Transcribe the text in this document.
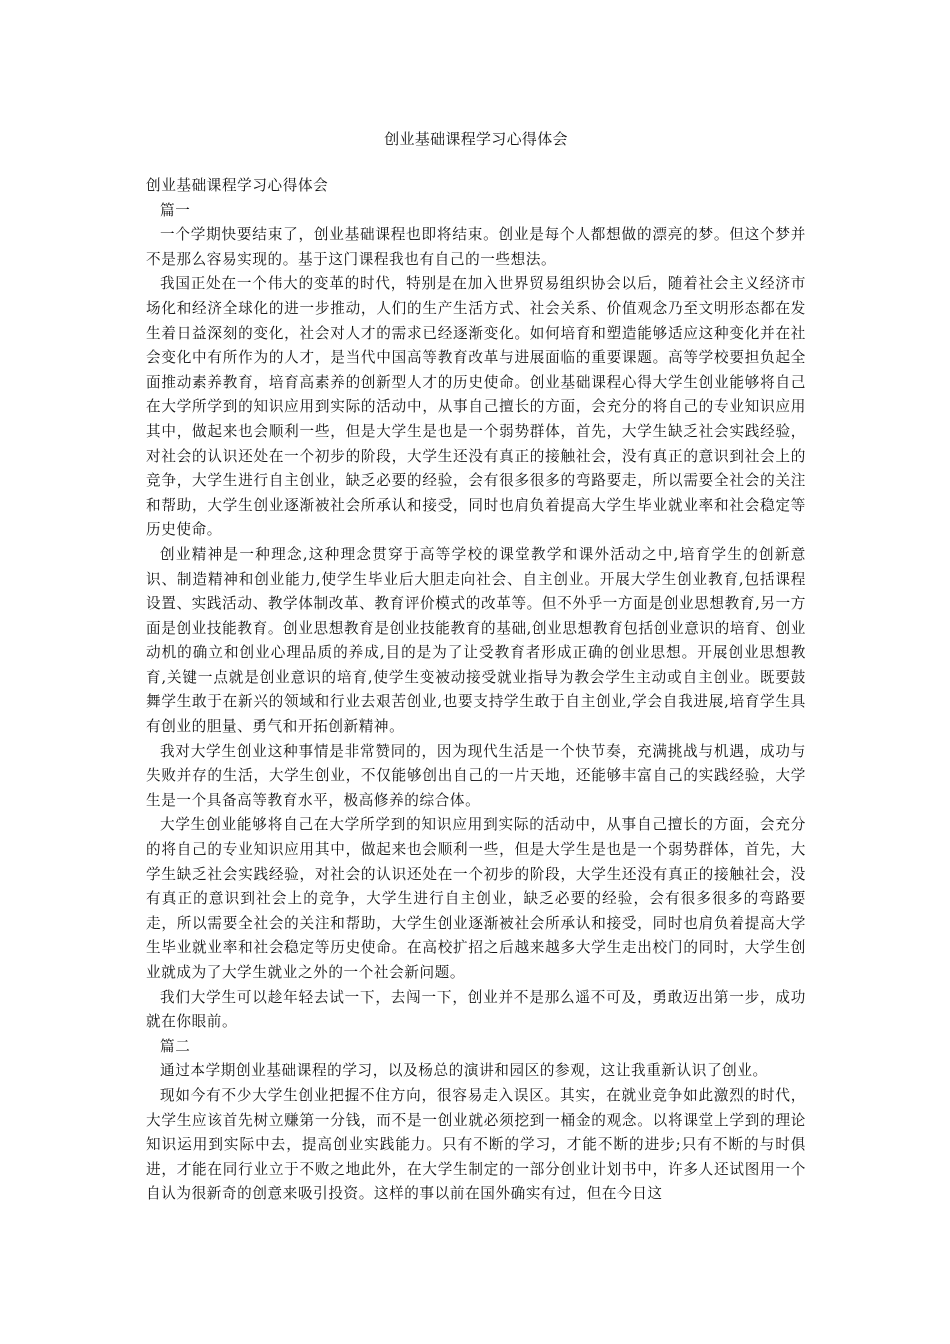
创业基础课程学习心得体会

创业基础课程学习心得体会

篇一

一个学期快要结束了，创业基础课程也即将结束。创业是每个人都想做的漂亮的梦。但这个梦并不是那么容易实现的。基于这门课程我也有自己的一些想法。

我国正处在一个伟大的变革的时代，特别是在加入世界贸易组织协会以后，随着社会主义经济市场化和经济全球化的进一步推动，人们的生产生活方式、社会关系、价值观念乃至文明形态都在发生着日益深刻的变化，社会对人才的需求已经逐渐变化。如何培育和塑造能够适应这种变化并在社会变化中有所作为的人才，是当代中国高等教育改革与进展面临的重要课题。高等学校要担负起全面推动素养教育，培育高素养的创新型人才的历史使命。创业基础课程心得大学生创业能够将自己在大学所学到的知识应用到实际的活动中，从事自己擅长的方面，会充分的将自己的专业知识应用其中，做起来也会顺利一些，但是大学生是也是一个弱势群体，首先，大学生缺乏社会实践经验，对社会的认识还处在一个初步的阶段，大学生还没有真正的接触社会，没有真正的意识到社会上的竞争，大学生进行自主创业，缺乏必要的经验，会有很多很多的弯路要走，所以需要全社会的关注和帮助，大学生创业逐渐被社会所承认和接受，同时也肩负着提高大学生毕业就业率和社会稳定等历史使命。

创业精神是一种理念,这种理念贯穿于高等学校的课堂教学和课外活动之中,培育学生的创新意识、制造精神和创业能力,使学生毕业后大胆走向社会、自主创业。开展大学生创业教育,包括课程设置、实践活动、教学体制改革、教育评价模式的改革等。但不外乎一方面是创业思想教育,另一方面是创业技能教育。创业思想教育是创业技能教育的基础,创业思想教育包括创业意识的培育、创业动机的确立和创业心理品质的养成,目的是为了让受教育者形成正确的创业思想。开展创业思想教育,关键一点就是创业意识的培育,使学生变被动接受就业指导为教会学生主动或自主创业。既要鼓舞学生敢于在新兴的领域和行业去艰苦创业,也要支持学生敢于自主创业,学会自我进展,培育学生具有创业的胆量、勇气和开拓创新精神。

我对大学生创业这种事情是非常赞同的，因为现代生活是一个快节奏，充满挑战与机遇，成功与失败并存的生活，大学生创业，不仅能够创出自己的一片天地，还能够丰富自己的实践经验，大学生是一个具备高等教育水平，极高修养的综合体。

大学生创业能够将自己在大学所学到的知识应用到实际的活动中，从事自己擅长的方面，会充分的将自己的专业知识应用其中，做起来也会顺利一些，但是大学生是也是一个弱势群体，首先，大学生缺乏社会实践经验，对社会的认识还处在一个初步的阶段，大学生还没有真正的接触社会，没有真正的意识到社会上的竞争，大学生进行自主创业，缺乏必要的经验，会有很多很多的弯路要走，所以需要全社会的关注和帮助，大学生创业逐渐被社会所承认和接受，同时也肩负着提高大学生毕业就业率和社会稳定等历史使命。在高校扩招之后越来越多大学生走出校门的同时，大学生创业就成为了大学生就业之外的一个社会新问题。

我们大学生可以趁年轻去试一下，去闯一下，创业并不是那么遥不可及，勇敢迈出第一步，成功就在你眼前。

篇二

通过本学期创业基础课程的学习，以及杨总的演讲和园区的参观，这让我重新认识了创业。

现如今有不少大学生创业把握不住方向，很容易走入误区。其实，在就业竞争如此激烈的时代，大学生应该首先树立赚第一分钱，而不是一创业就必须挖到一桶金的观念。以将课堂上学到的理论知识运用到实际中去，提高创业实践能力。只有不断的学习，才能不断的进步;只有不断的与时俱进，才能在同行业立于不败之地此外，在大学生制定的一部分创业计划书中，许多人还试图用一个自认为很新奇的创意来吸引投资。这样的事以前在国外确实有过，但在今日这
